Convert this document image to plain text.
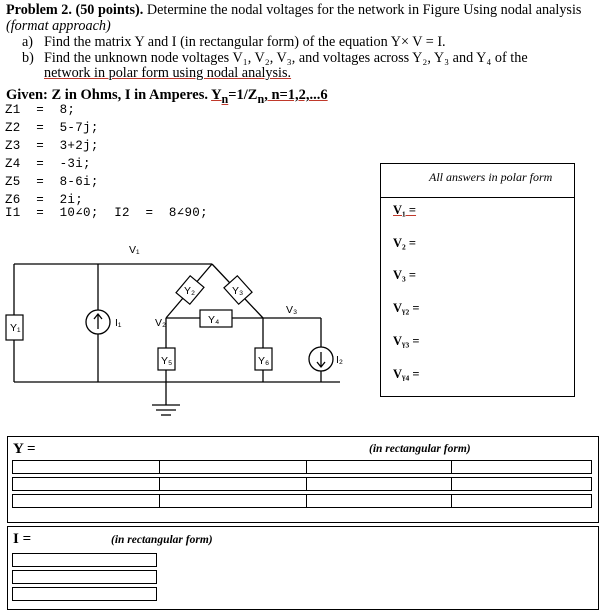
Problem 2. (50 points). Determine the nodal voltages for the network in Figure Using nodal analysis (format approach)
a) Find the matrix Y and I (in rectangular form) of the equation Y× V = I.
b) Find the unknown node voltages V₁, V₂, V₃, and voltages across Y₂, Y₃ and Y₄ of the
network in polar form using nodal analysis.
Given: Z in Ohms, I in Amperes. $Y_n=1/Z_n$, n=1,2,...6
Z1  =  8;
Z2  =  5-7j;
Z3  =  3+2j;
Z4  =  -3i;
Z5  =  8-6i;
Z6  =  2i;
I1  =  10∠0;  I2  =  8∠90;
V₁
V₂
V₃
Y₁
Y₂	Y₃
Y₄
Y₅	Y₆
I₁
I₂
All answers in polar form
V₁ =
V₂ =
V₃ =
Vᵧ₂ =
Vᵧ₃ =
Vᵧ₄ =
Y =	(in rectangular form)
I =	(in rectangular form)
